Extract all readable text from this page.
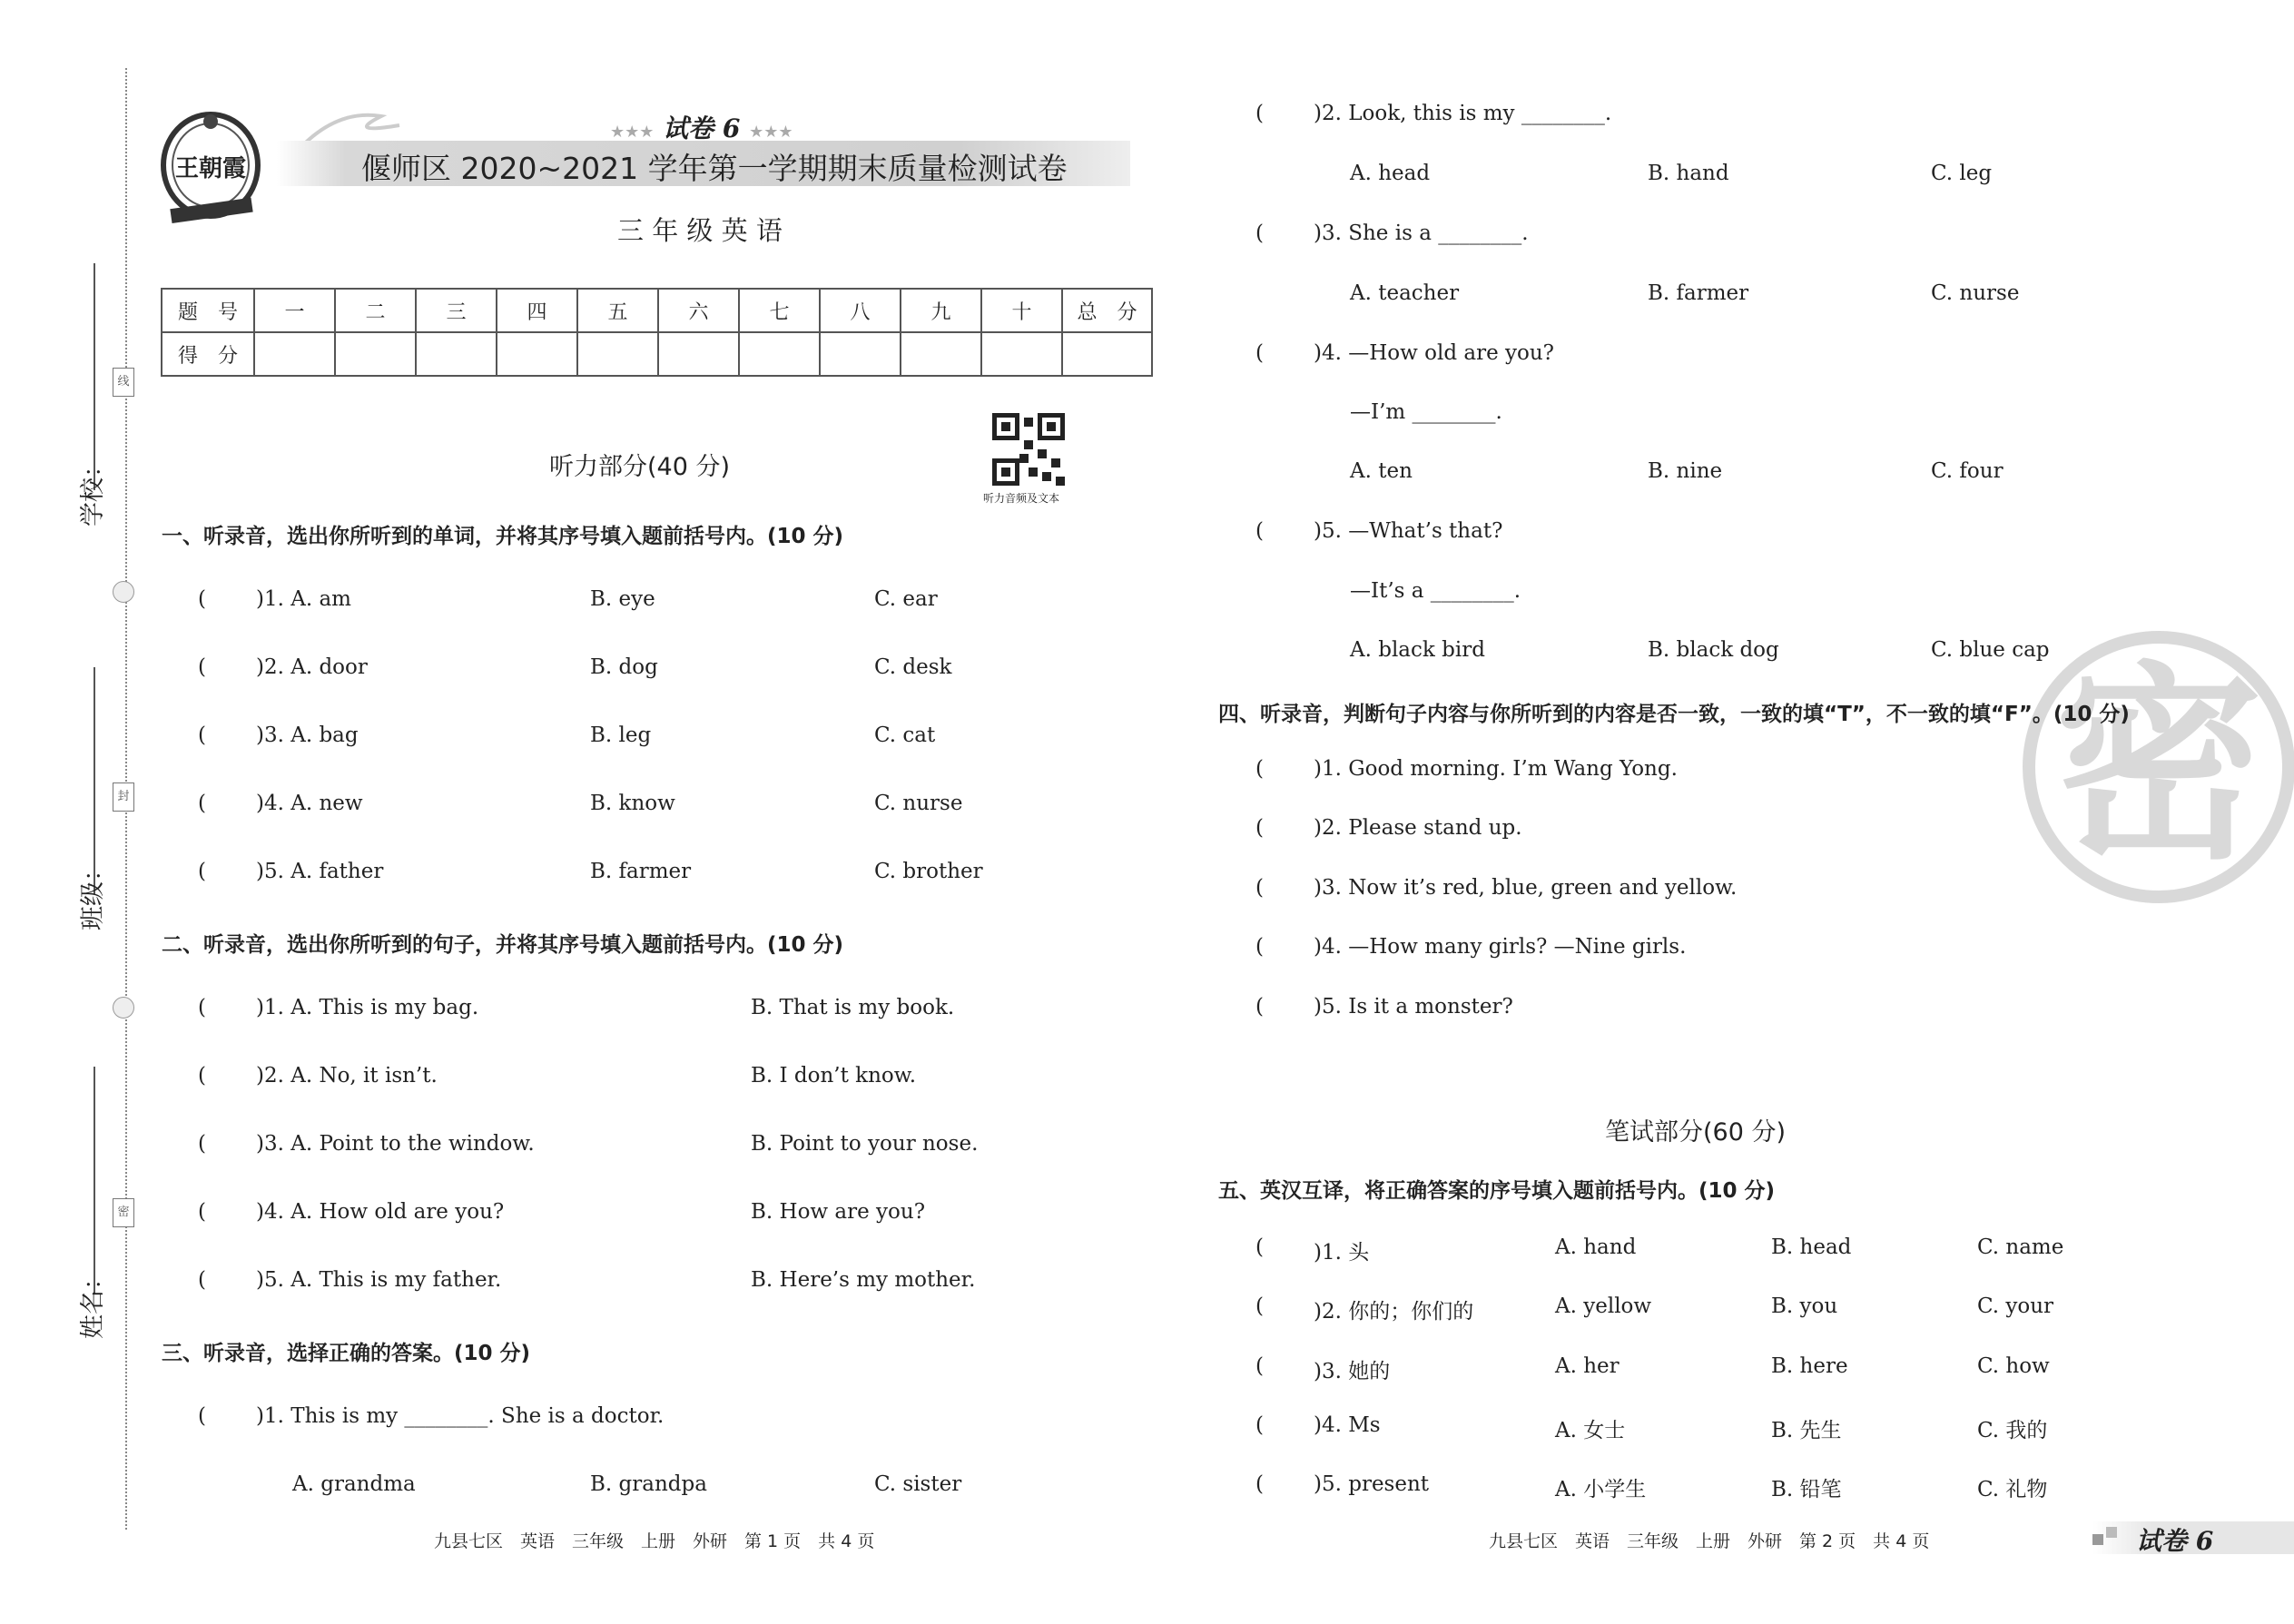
学校：
班级：
姓名：
线
封
密
王朝霞
★★★ 试卷 6 ★★★
偃师区 2020~2021 学年第一学期期末质量检测试卷
三 年 级 英 语
题　号	一	二	三	四	五	六	七	八	九	十	总　分
得　分											
听力音频及文本
听力部分(40 分)
一、听录音，选出你所听到的单词，并将其序号填入题前括号内。(10 分)
( )1. A. am	B. eye	C. ear
( )2. A. door	B. dog	C. desk
( )3. A. bag	B. leg	C. cat
( )4. A. new	B. know	C. nurse
( )5. A. father	B. farmer	C. brother
二、听录音，选出你所听到的句子，并将其序号填入题前括号内。(10 分)
( )1. A. This is my bag.	B. That is my book.
( )2. A. No, it isn’t.	B. I don’t know.
( )3. A. Point to the window.	B. Point to your nose.
( )4. A. How old are you?	B. How are you?
( )5. A. This is my father.	B. Here’s my mother.
三、听录音，选择正确的答案。(10 分)
( )1. This is my ________. She is a doctor.
A. grandma	B. grandpa	C. sister
九县七区　英语　三年级　上册　外研　第 1 页　共 4 页
密
( )2. Look, this is my ________.
A. head	B. hand	C. leg
( )3. She is a ________.
A. teacher	B. farmer	C. nurse
( )4. —How old are you?
—I’m ________.
A. ten	B. nine	C. four
( )5. —What’s that?
—It’s a ________.
A. black bird	B. black dog	C. blue cap
四、听录音，判断句子内容与你所听到的内容是否一致，一致的填“T”，不一致的填“F”。(10 分)
( )1. Good morning. I’m Wang Yong.
( )2. Please stand up.
( )3. Now it’s red, blue, green and yellow.
( )4. —How many girls? —Nine girls.
( )5. Is it a monster?
笔试部分(60 分)
五、英汉互译，将正确答案的序号填入题前括号内。(10 分)
( )1. 头	A. hand	B. head	C. name
( )2. 你的；你们的	A. yellow	B. you	C. your
( )3. 她的	A. her	B. here	C. how
( )4. Ms	A. 女士	B. 先生	C. 我的
( )5. present	A. 小学生	B. 铅笔	C. 礼物
九县七区　英语　三年级　上册　外研　第 2 页　共 4 页	试卷 6
